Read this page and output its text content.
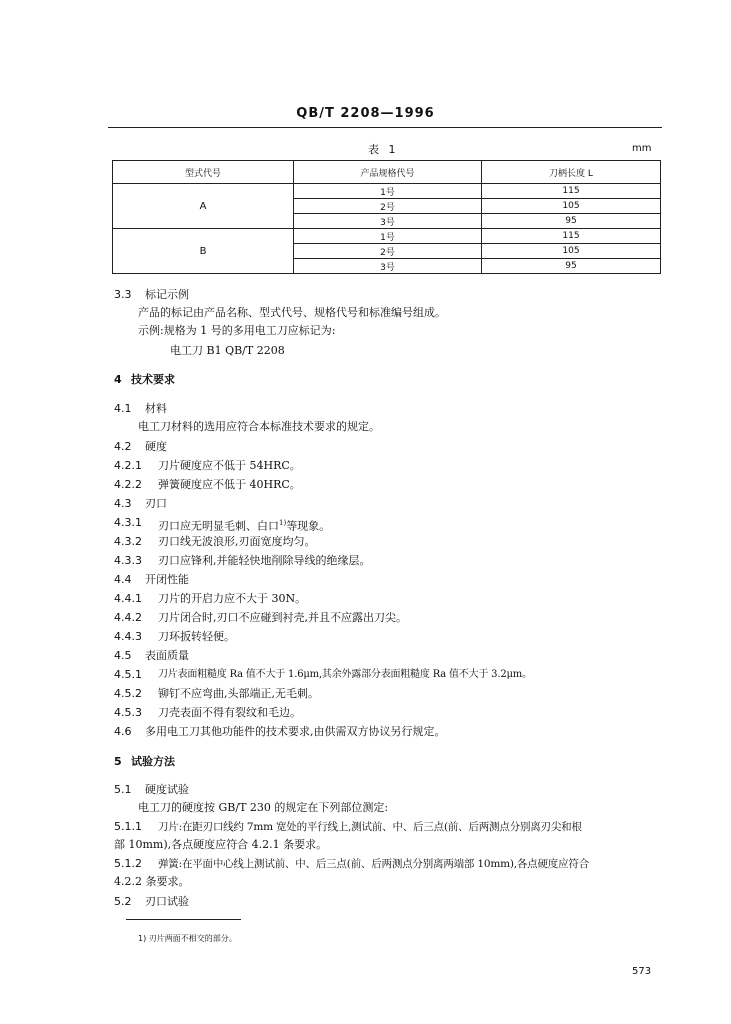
QB/T 2208—1996
表 1	mm
型式代号	产品规格代号	刀柄长度 L
A	1号	115
	2号	105
	3号	95
B	1号	115
	2号	105
	3号	95
3.3 标记示例
产品的标记由产品名称、型式代号、规格代号和标准编号组成。
示例:规格为 1 号的多用电工刀应标记为:
电工刀 B1 QB/T 2208
4 技术要求
4.1 材料
电工刀材料的选用应符合本标准技术要求的规定。
4.2 硬度
4.2.1 刀片硬度应不低于 54HRC。
4.2.2 弹簧硬度应不低于 40HRC。
4.3 刃口
4.3.1 刃口应无明显毛刺、白口$^{1)}$等现象。
4.3.2 刃口线无波浪形,刃面宽度均匀。
4.3.3 刃口应锋利,并能轻快地削除导线的绝缘层。
4.4 开闭性能
4.4.1 刀片的开启力应不大于 30N。
4.4.2 刀片闭合时,刃口不应碰到衬壳,并且不应露出刀尖。
4.4.3 刀环扳转轻便。
4.5 表面质量
4.5.1 刀片表面粗糙度 Ra 值不大于 1.6μm,其余外露部分表面粗糙度 Ra 值不大于 3.2μm。
4.5.2 铆钉不应弯曲,头部端正,无毛刺。
4.5.3 刀壳表面不得有裂纹和毛边。
4.6 多用电工刀其他功能件的技术要求,由供需双方协议另行规定。
5 试验方法
5.1 硬度试验
电工刀的硬度按 GB/T 230 的规定在下列部位测定:
5.1.1 刀片:在距刃口线约 7mm 宽处的平行线上,测试前、中、后三点(前、后两测点分别离刃尖和根
部 10mm),各点硬度应符合 4.2.1 条要求。
5.1.2 弹簧:在平面中心线上测试前、中、后三点(前、后两测点分别离两端部 10mm),各点硬度应符合
4.2.2 条要求。
5.2 刃口试验
1) 刃片两面不相交的部分。
573
